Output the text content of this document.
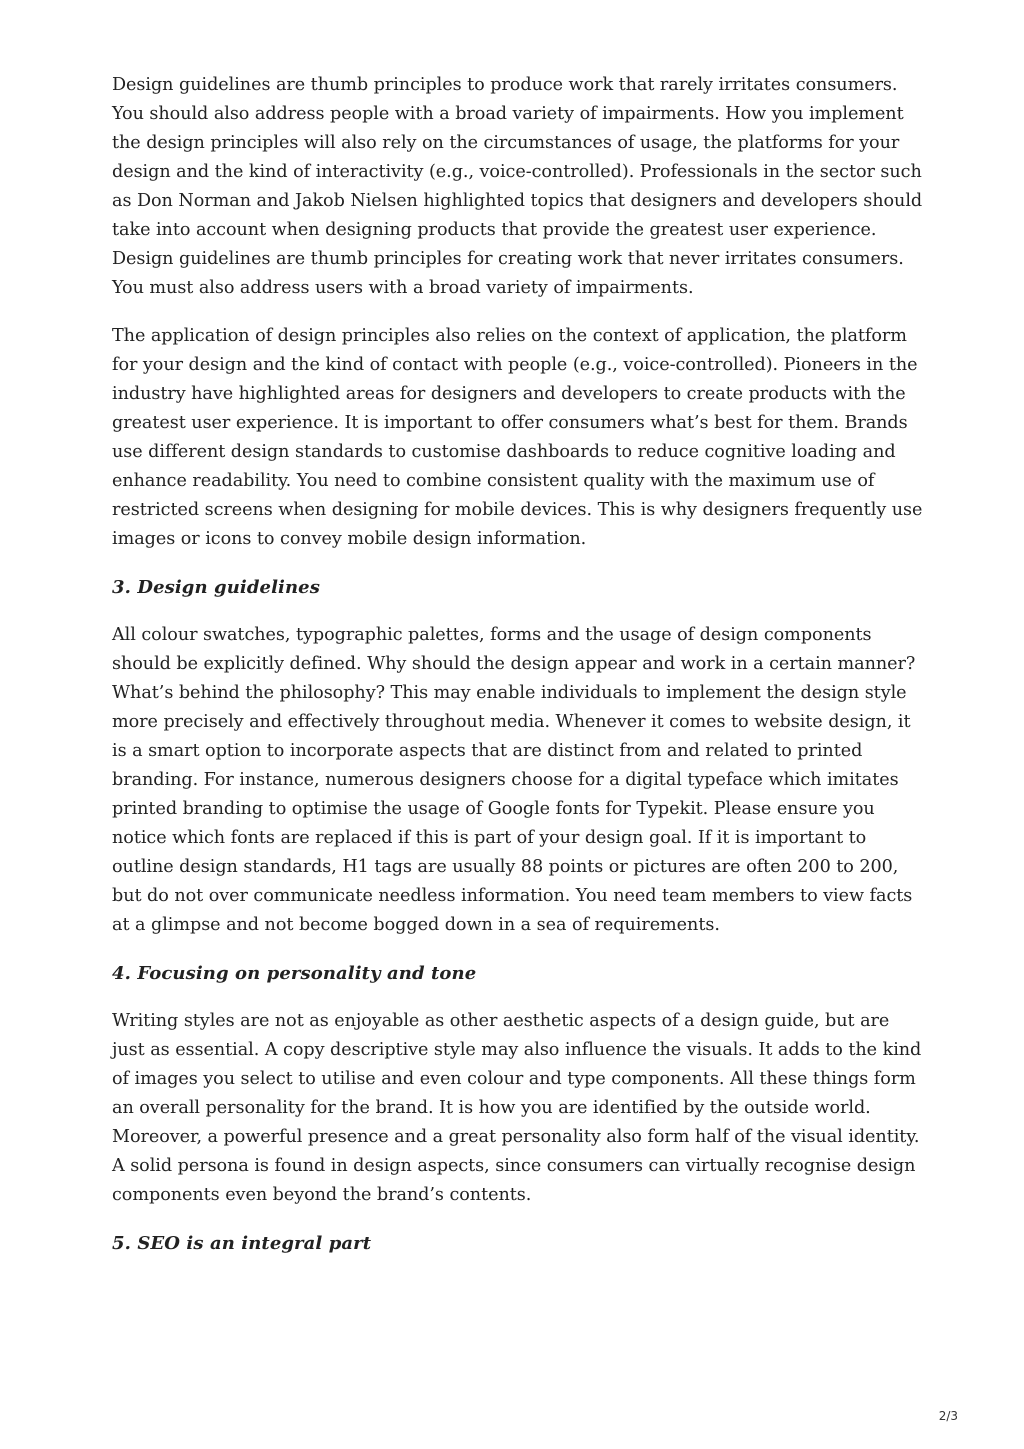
Design guidelines are thumb principles to produce work that rarely irritates consumers. You should also address people with a broad variety of impairments. How you implement the design principles will also rely on the circumstances of usage, the platforms for your design and the kind of interactivity (e.g., voice-controlled). Professionals in the sector such as Don Norman and Jakob Nielsen highlighted topics that designers and developers should take into account when designing products that provide the greatest user experience. Design guidelines are thumb principles for creating work that never irritates consumers. You must also address users with a broad variety of impairments.

The application of design principles also relies on the context of application, the platform for your design and the kind of contact with people (e.g., voice-controlled). Pioneers in the industry have highlighted areas for designers and developers to create products with the greatest user experience. It is important to offer consumers what’s best for them. Brands use different design standards to customise dashboards to reduce cognitive loading and enhance readability. You need to combine consistent quality with the maximum use of restricted screens when designing for mobile devices. This is why designers frequently use images or icons to convey mobile design information.

3. Design guidelines

All colour swatches, typographic palettes, forms and the usage of design components should be explicitly defined. Why should the design appear and work in a certain manner? What’s behind the philosophy? This may enable individuals to implement the design style more precisely and effectively throughout media. Whenever it comes to website design, it is a smart option to incorporate aspects that are distinct from and related to printed branding. For instance, numerous designers choose for a digital typeface which imitates printed branding to optimise the usage of Google fonts for Typekit. Please ensure you notice which fonts are replaced if this is part of your design goal. If it is important to outline design standards, H1 tags are usually 88 points or pictures are often 200 to 200, but do not over communicate needless information. You need team members to view facts at a glimpse and not become bogged down in a sea of requirements.

4. Focusing on personality and tone

Writing styles are not as enjoyable as other aesthetic aspects of a design guide, but are just as essential. A copy descriptive style may also influence the visuals. It adds to the kind of images you select to utilise and even colour and type components. All these things form an overall personality for the brand. It is how you are identified by the outside world. Moreover, a powerful presence and a great personality also form half of the visual identity. A solid persona is found in design aspects, since consumers can virtually recognise design components even beyond the brand’s contents.

5. SEO is an integral part
2/3
